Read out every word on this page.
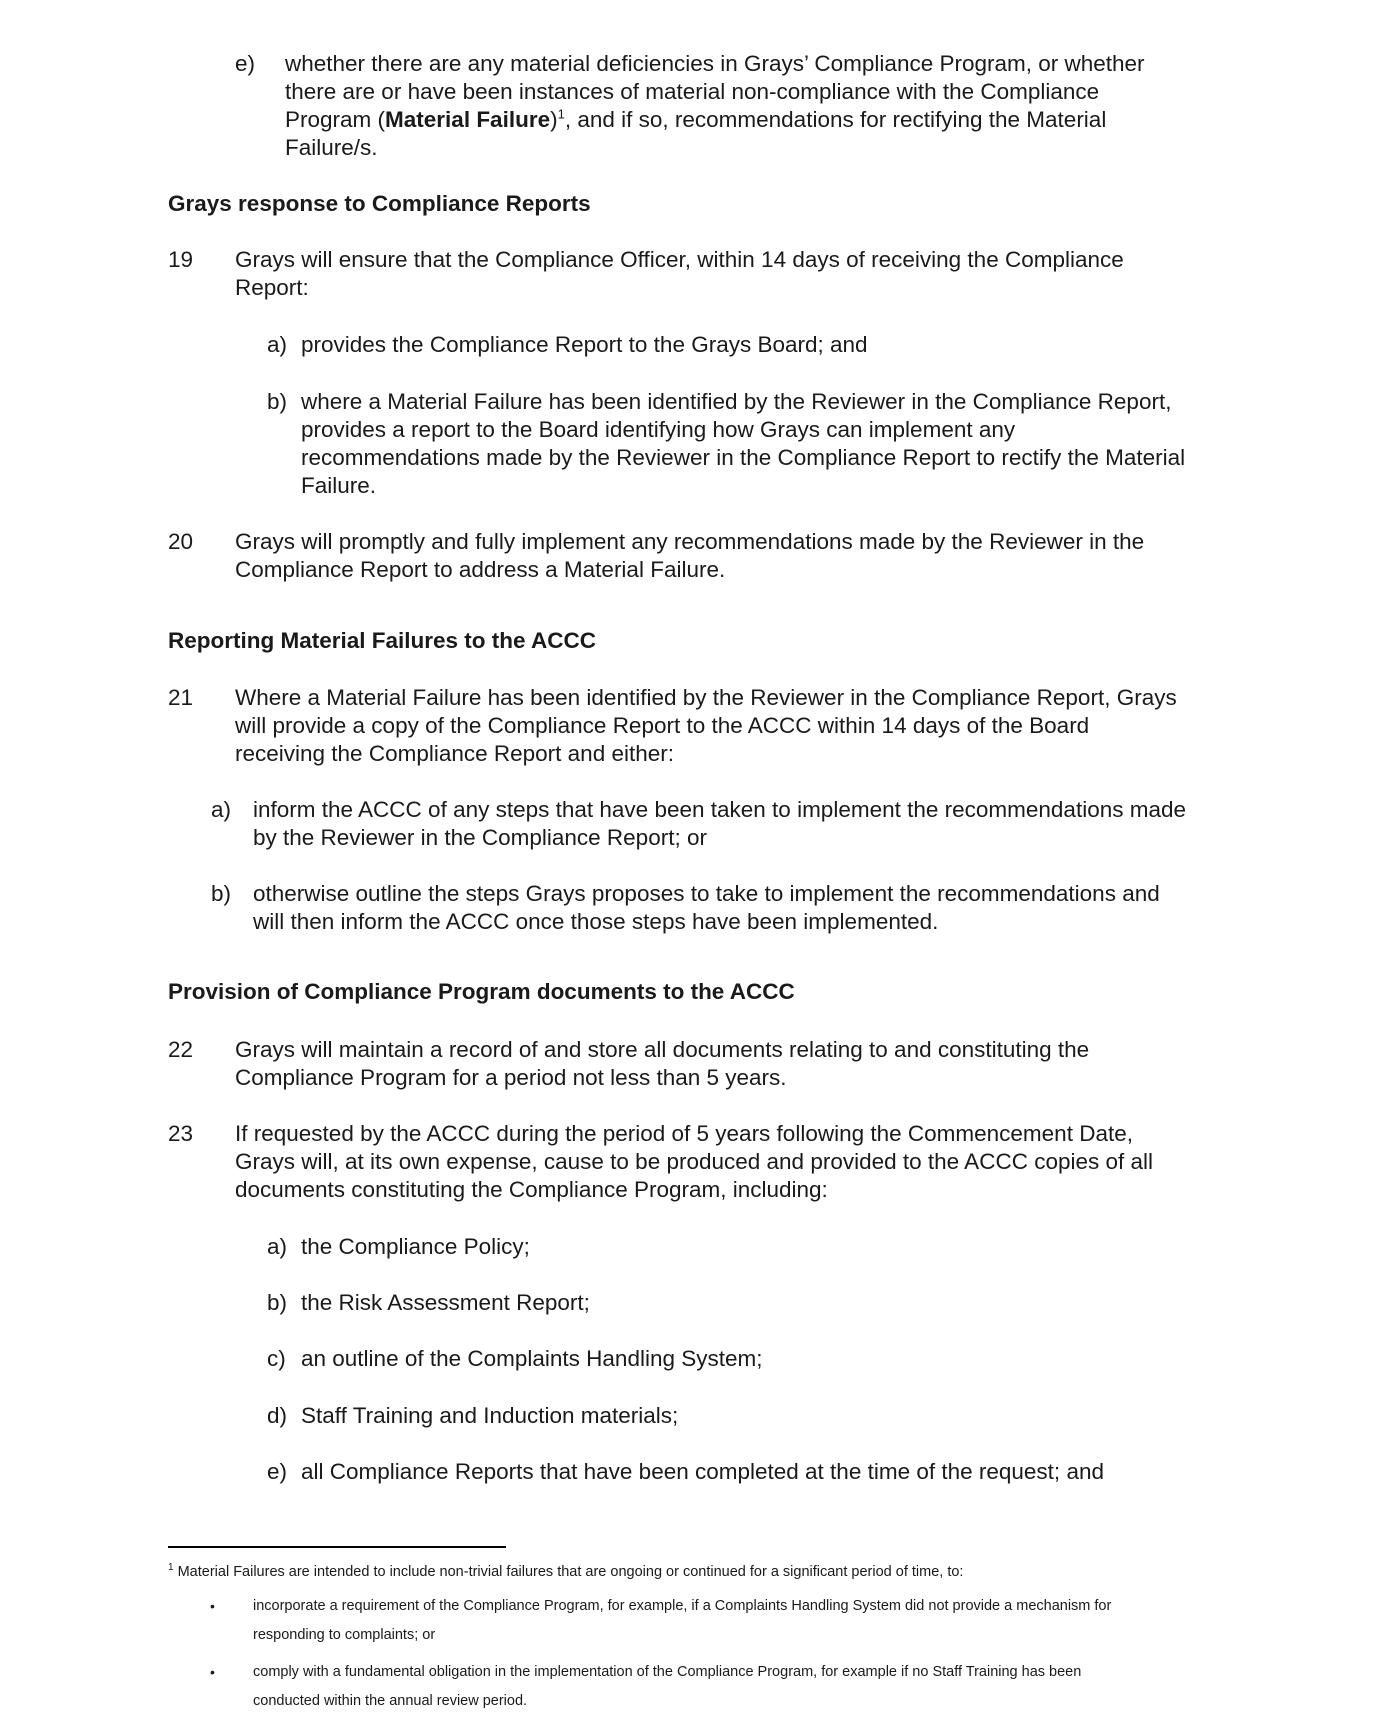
e) whether there are any material deficiencies in Grays’ Compliance Program, or whether
there are or have been instances of material non-compliance with the Compliance
Program (Material Failure)$^1$, and if so, recommendations for rectifying the Material
Failure/s.
Grays response to Compliance Reports
19 Grays will ensure that the Compliance Officer, within 14 days of receiving the Compliance
Report:
a) provides the Compliance Report to the Grays Board; and
b) where a Material Failure has been identified by the Reviewer in the Compliance Report,
provides a report to the Board identifying how Grays can implement any
recommendations made by the Reviewer in the Compliance Report to rectify the Material
Failure.
20 Grays will promptly and fully implement any recommendations made by the Reviewer in the
Compliance Report to address a Material Failure.
Reporting Material Failures to the ACCC
21 Where a Material Failure has been identified by the Reviewer in the Compliance Report, Grays
will provide a copy of the Compliance Report to the ACCC within 14 days of the Board
receiving the Compliance Report and either:
a) inform the ACCC of any steps that have been taken to implement the recommendations made
by the Reviewer in the Compliance Report; or
b) otherwise outline the steps Grays proposes to take to implement the recommendations and
will then inform the ACCC once those steps have been implemented.
Provision of Compliance Program documents to the ACCC
22 Grays will maintain a record of and store all documents relating to and constituting the
Compliance Program for a period not less than 5 years.
23 If requested by the ACCC during the period of 5 years following the Commencement Date,
Grays will, at its own expense, cause to be produced and provided to the ACCC copies of all
documents constituting the Compliance Program, including:
a) the Compliance Policy;
b) the Risk Assessment Report;
c) an outline of the Complaints Handling System;
d) Staff Training and Induction materials;
e) all Compliance Reports that have been completed at the time of the request; and
$^1$ Material Failures are intended to include non-trivial failures that are ongoing or continued for a significant period of time, to:
•	incorporate a requirement of the Compliance Program, for example, if a Complaints Handling System did not provide a mechanism for
responding to complaints; or
•	comply with a fundamental obligation in the implementation of the Compliance Program, for example if no Staff Training has been
conducted within the annual review period.
